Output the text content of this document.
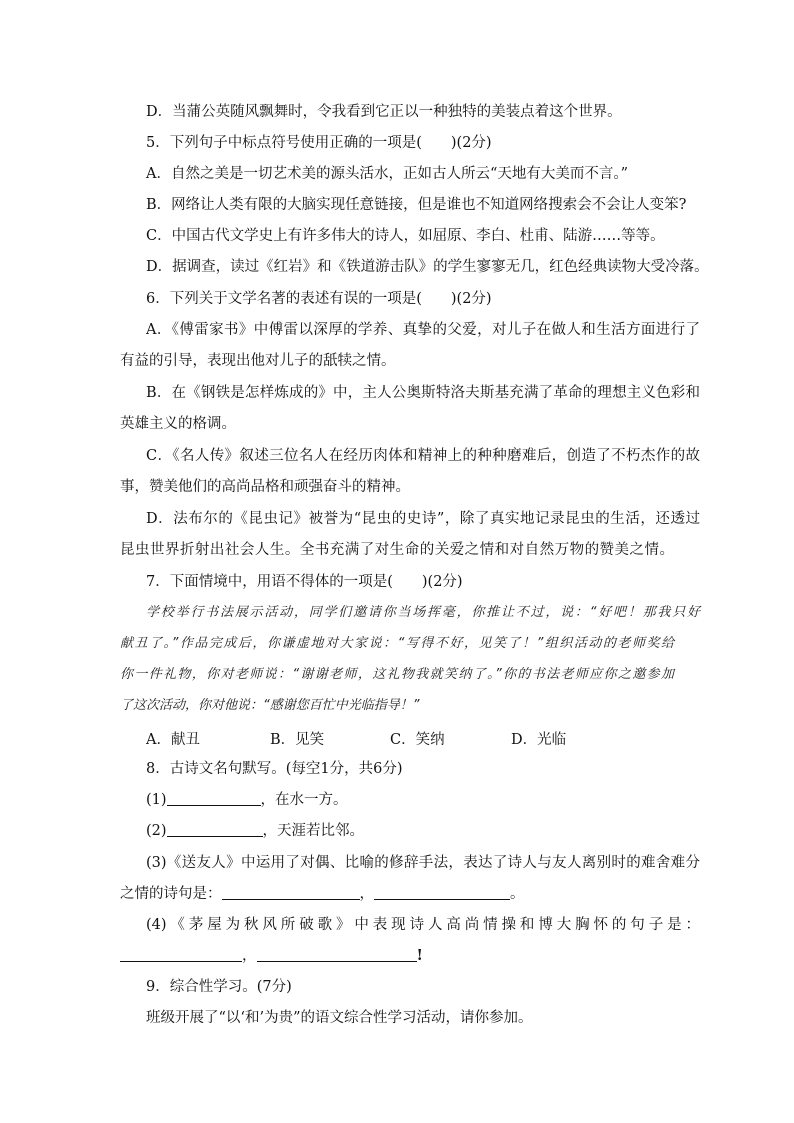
D．当蒲公英随风飘舞时，令我看到它正以一种独特的美装点着这个世界。
5．下列句子中标点符号使用正确的一项是(　　)(2分)
A．自然之美是一切艺术美的源头活水，正如古人所云“天地有大美而不言。”
B．网络让人类有限的大脑实现任意链接，但是谁也不知道网络搜索会不会让人变笨?
C．中国古代文学史上有许多伟大的诗人，如屈原、李白、杜甫、陆游……等等。
D．据调查，读过《红岩》和《铁道游击队》的学生寥寥无几，红色经典读物大受冷落。
6．下列关于文学名著的表述有误的一项是(　　)(2分)
A．《傅雷家书》中傅雷以深厚的学养、真挚的父爱，对儿子在做人和生活方面进行了
有益的引导，表现出他对儿子的舐犊之情。
B．在《钢铁是怎样炼成的》中，主人公奥斯特洛夫斯基充满了革命的理想主义色彩和
英雄主义的格调。
C．《名人传》叙述三位名人在经历肉体和精神上的种种磨难后，创造了不朽杰作的故
事，赞美他们的高尚品格和顽强奋斗的精神。
D．法布尔的《昆虫记》被誉为“昆虫的史诗”，除了真实地记录昆虫的生活，还透过
昆虫世界折射出社会人生。全书充满了对生命的关爱之情和对自然万物的赞美之情。
7．下面情境中，用语不得体的一项是(　　)(2分)
学校举行书法展示活动，同学们邀请你当场挥毫，你推让不过，说：“好吧！那我只好
献丑了。”作品完成后，你谦虚地对大家说：“写得不好，见笑了！”组织活动的老师奖给
你一件礼物，你对老师说：“谢谢老师，这礼物我就笑纳了。”你的书法老师应你之邀参加
了这次活动，你对他说：“感谢您百忙中光临指导！”
A．献丑	B．见笑	C．笑纳	D．光临
8．古诗文名句默写。(每空1分，共6分)
(1)	，在水一方。
(2)	，天涯若比邻。
(3)《送友人》中运用了对偶、比喻的修辞手法，表达了诗人与友人离别时的难舍难分
之情的诗句是：	，	。
(4)《茅屋为秋风所破歌》中表现诗人高尚情操和博大胸怀的句子是：
，	!
9．综合性学习。(7分)
班级开展了“以‘和’为贵”的语文综合性学习活动，请你参加。
